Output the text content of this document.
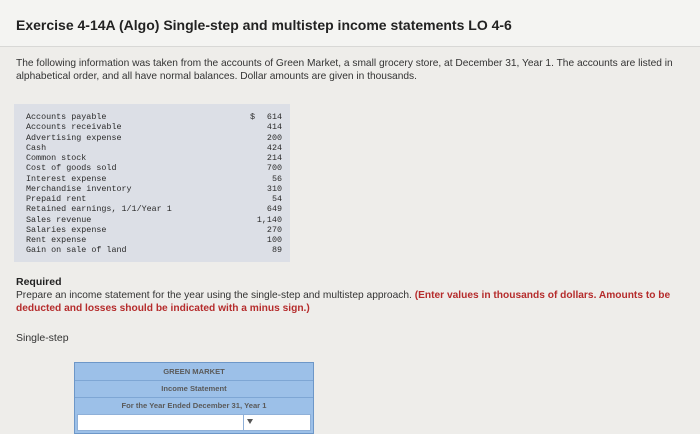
Exercise 4-14A (Algo) Single-step and multistep income statements LO 4-6

The following information was taken from the accounts of Green Market, a small grocery store, at December 31, Year 1. The accounts are listed in alphabetical order, and all have normal balances. Dollar amounts are given in thousands.

Accounts payable	$ 614
Accounts receivable	414
Advertising expense	200
Cash	424
Common stock	214
Cost of goods sold	700
Interest expense	56
Merchandise inventory	310
Prepaid rent	54
Retained earnings, 1/1/Year 1	649
Sales revenue	1,140
Salaries expense	270
Rent expense	100
Gain on sale of land	89
Required

Prepare an income statement for the year using the single-step and multistep approach. (Enter values in thousands of dollars. Amounts to be deducted and losses should be indicated with a minus sign.)

Single-step

GREEN MARKET
Income Statement
For the Year Ended December 31, Year 1
